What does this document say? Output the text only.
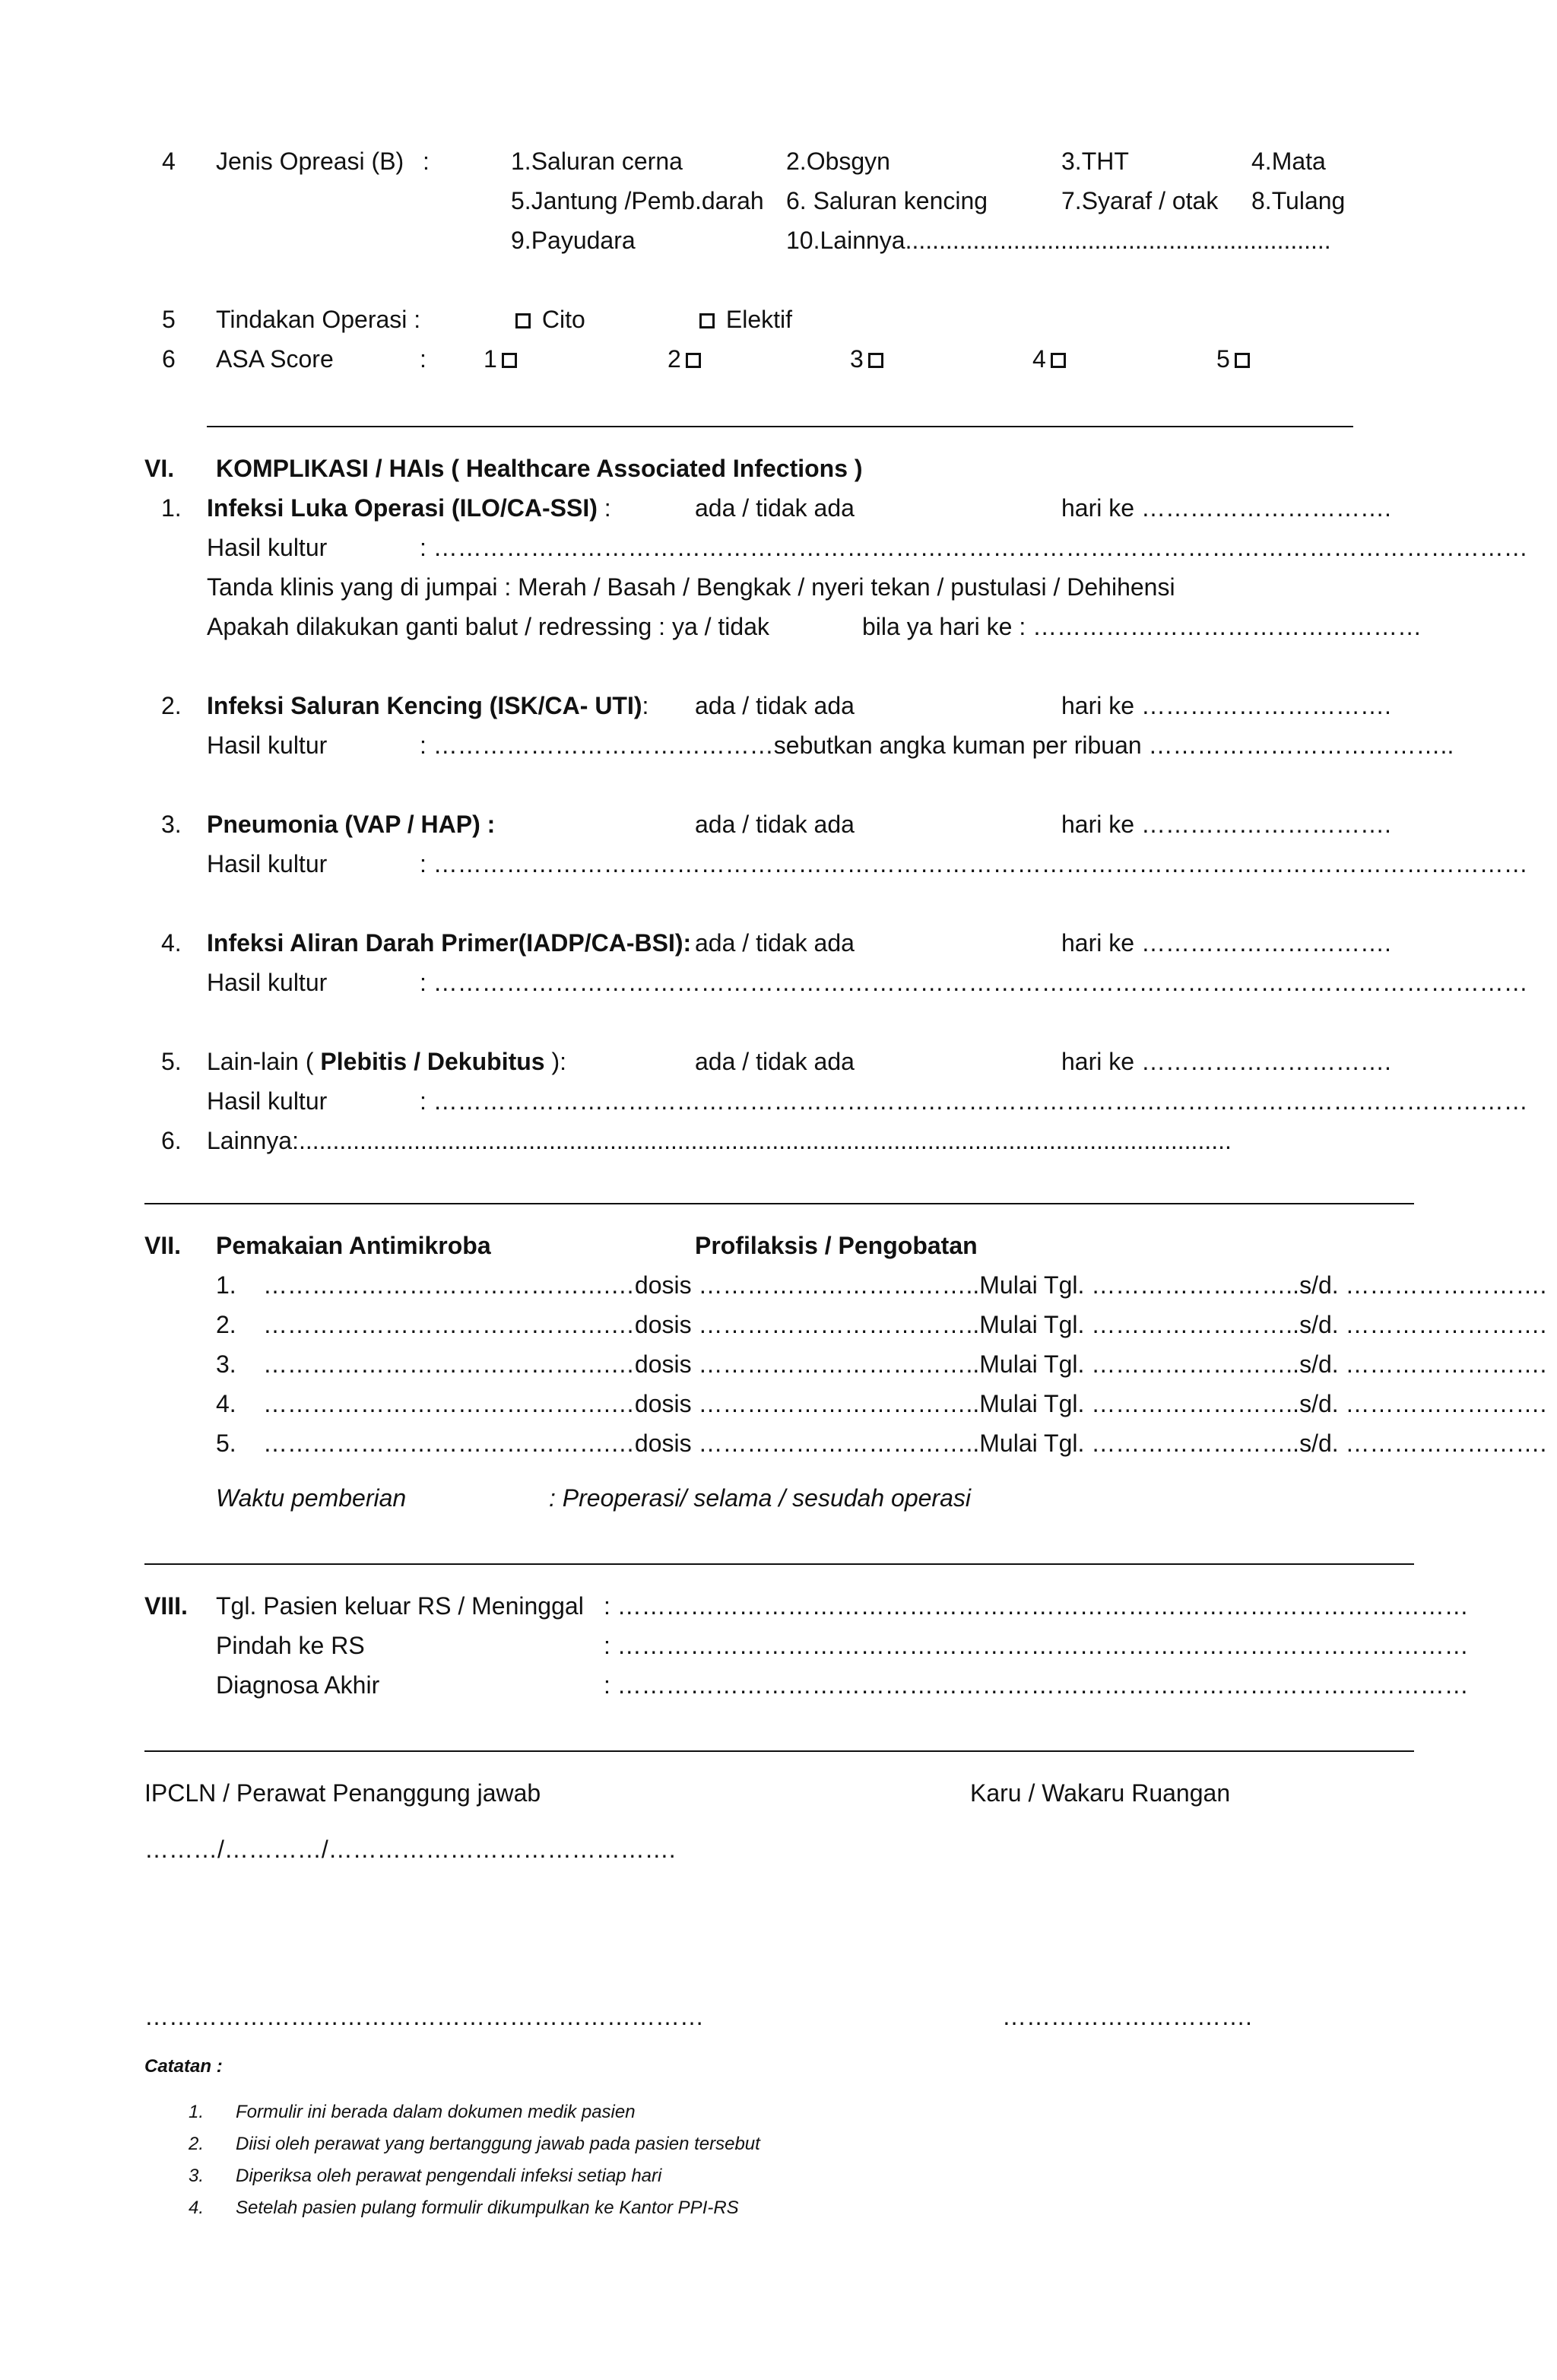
4 Jenis Opreasi (B) :	1.Saluran cerna	2.Obsgyn	3.THT	4.Mata
5.Jantung /Pemb.darah 6. Saluran kencing	7.Syaraf / otak 8.Tulang
9.Payudara	10.Lainnya...............................................................
5 Tindakan Operasi :	Cito	Elektif
6 ASA Score	: 1	2	3	4	5
VI. KOMPLIKASI / HAIs ( Healthcare Associated Infections )
1. Infeksi Luka Operasi (ILO/CA-SSI) :	ada / tidak ada	hari ke ………………………….
Hasil kultur	: ………………………………………………………………………………………………………………………
Tanda klinis yang di jumpai : Merah / Basah / Bengkak / nyeri tekan / pustulasi / Dehihensi
Apakah dilakukan ganti balut / redressing : ya / tidak	bila ya hari ke : …………………………………………
2. Infeksi Saluran Kencing (ISK/CA- UTI): ada / tidak ada	hari ke ………………………….
Hasil kultur	: ……………………………………sebutkan angka kuman per ribuan ………………………………..
3. Pneumonia (VAP / HAP) :	ada / tidak ada	hari ke ………………………….
Hasil kultur	: ………………………………………………………………………………………………………………………
4. Infeksi Aliran Darah Primer(IADP/CA-BSI): ada / tidak ada	hari ke ………………………….
Hasil kultur	: ………………………………………………………………………………………………………………………
5. Lain-lain ( Plebitis / Dekubitus ):	ada / tidak ada	hari ke ………………………….
Hasil kultur	: ………………………………………………………………………………………………………………………
6. Lainnya:..........................................................................................................................................
VII. Pemakaian Antimikroba	Profilaksis / Pengobatan
1. …………………………………….…dosis ……………………………..Mulai Tgl. ……………………..s/d. …………………….
2. …………………………………….…dosis ……………………………..Mulai Tgl. ……………………..s/d. …………………….
3. …………………………………….…dosis ……………………………..Mulai Tgl. ……………………..s/d. …………………….
4. …………………………………….…dosis ……………………………..Mulai Tgl. ……………………..s/d. …………………….
5. …………………………………….…dosis ……………………………..Mulai Tgl. ……………………..s/d. …………………….
Waktu pemberian	: Preoperasi/ selama / sesudah operasi
VIII. Tgl. Pasien keluar RS / Meninggal : ……………………………………………………………………………………………
Pindah ke RS	: ……………………………………………………………………………………………
Diagnosa Akhir	: ……………………………………………………………………………………………
IPCLN / Perawat Penanggung jawab	Karu / Wakaru Ruangan
………/…………/…………………………………….
……………………………………………………………	………………………….
Catatan :
1. Formulir ini berada dalam dokumen medik pasien
2. Diisi oleh perawat yang bertanggung jawab pada pasien tersebut
3. Diperiksa oleh perawat pengendali infeksi setiap hari
4. Setelah pasien pulang formulir dikumpulkan ke Kantor PPI-RS
